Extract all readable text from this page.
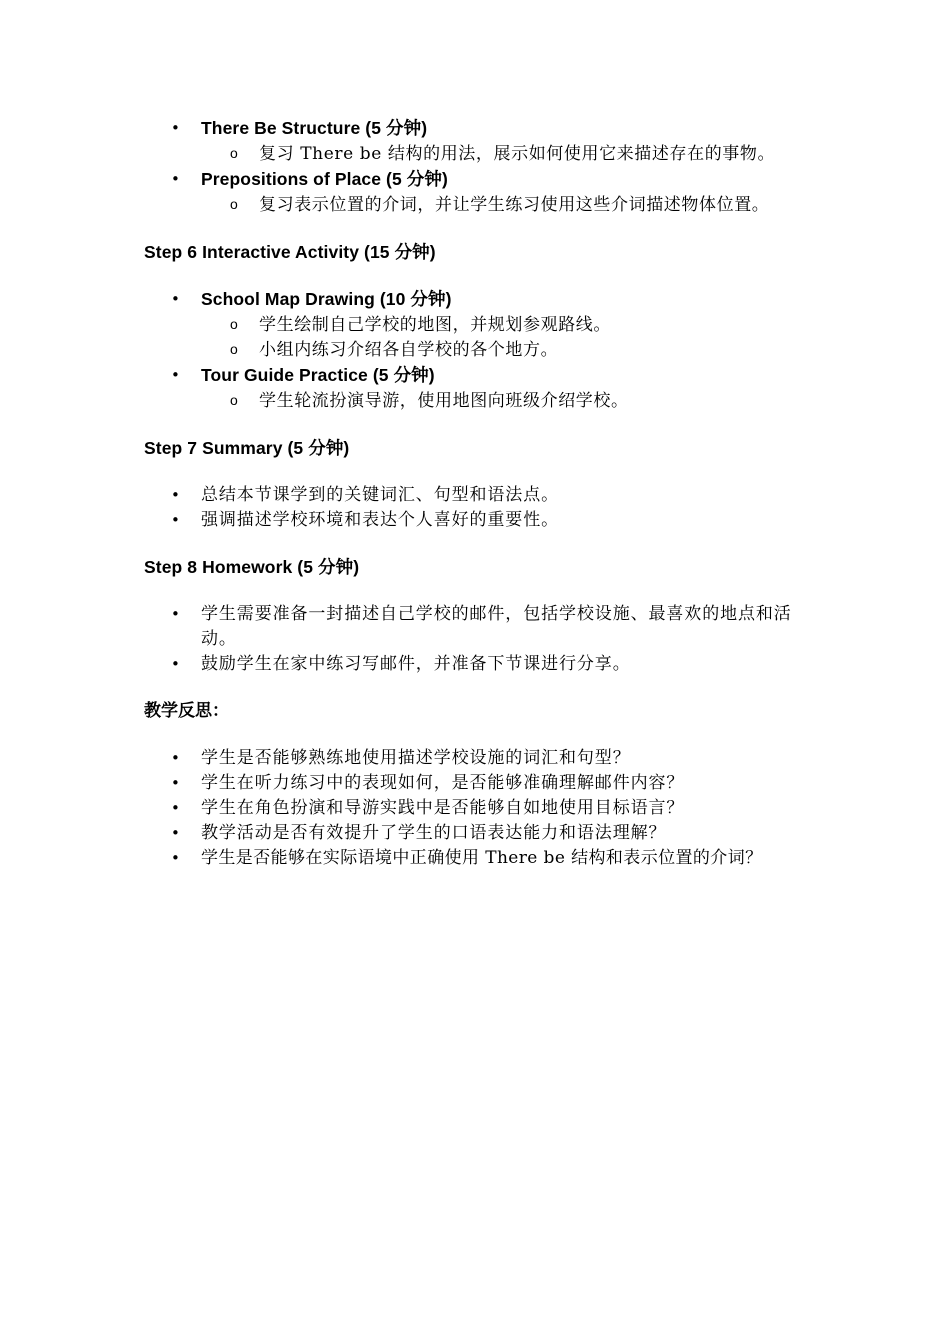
• There Be Structure (5 分钟)
o 复习 There be 结构的用法，展示如何使用它来描述存在的事物。
• Prepositions of Place (5 分钟)
o 复习表示位置的介词，并让学生练习使用这些介词描述物体位置。

Step 6 Interactive Activity (15 分钟)

• School Map Drawing (10 分钟)
o 学生绘制自己学校的地图，并规划参观路线。
o 小组内练习介绍各自学校的各个地方。
• Tour Guide Practice (5 分钟)
o 学生轮流扮演导游，使用地图向班级介绍学校。

Step 7 Summary (5 分钟)

• 总结本节课学到的关键词汇、句型和语法点。
• 强调描述学校环境和表达个人喜好的重要性。

Step 8 Homework (5 分钟)

• 学生需要准备一封描述自己学校的邮件，包括学校设施、最喜欢的地点和活动。
• 鼓励学生在家中练习写邮件，并准备下节课进行分享。

教学反思：

• 学生是否能够熟练地使用描述学校设施的词汇和句型？
• 学生在听力练习中的表现如何，是否能够准确理解邮件内容？
• 学生在角色扮演和导游实践中是否能够自如地使用目标语言？
• 教学活动是否有效提升了学生的口语表达能力和语法理解？
• 学生是否能够在实际语境中正确使用 There be 结构和表示位置的介词？
